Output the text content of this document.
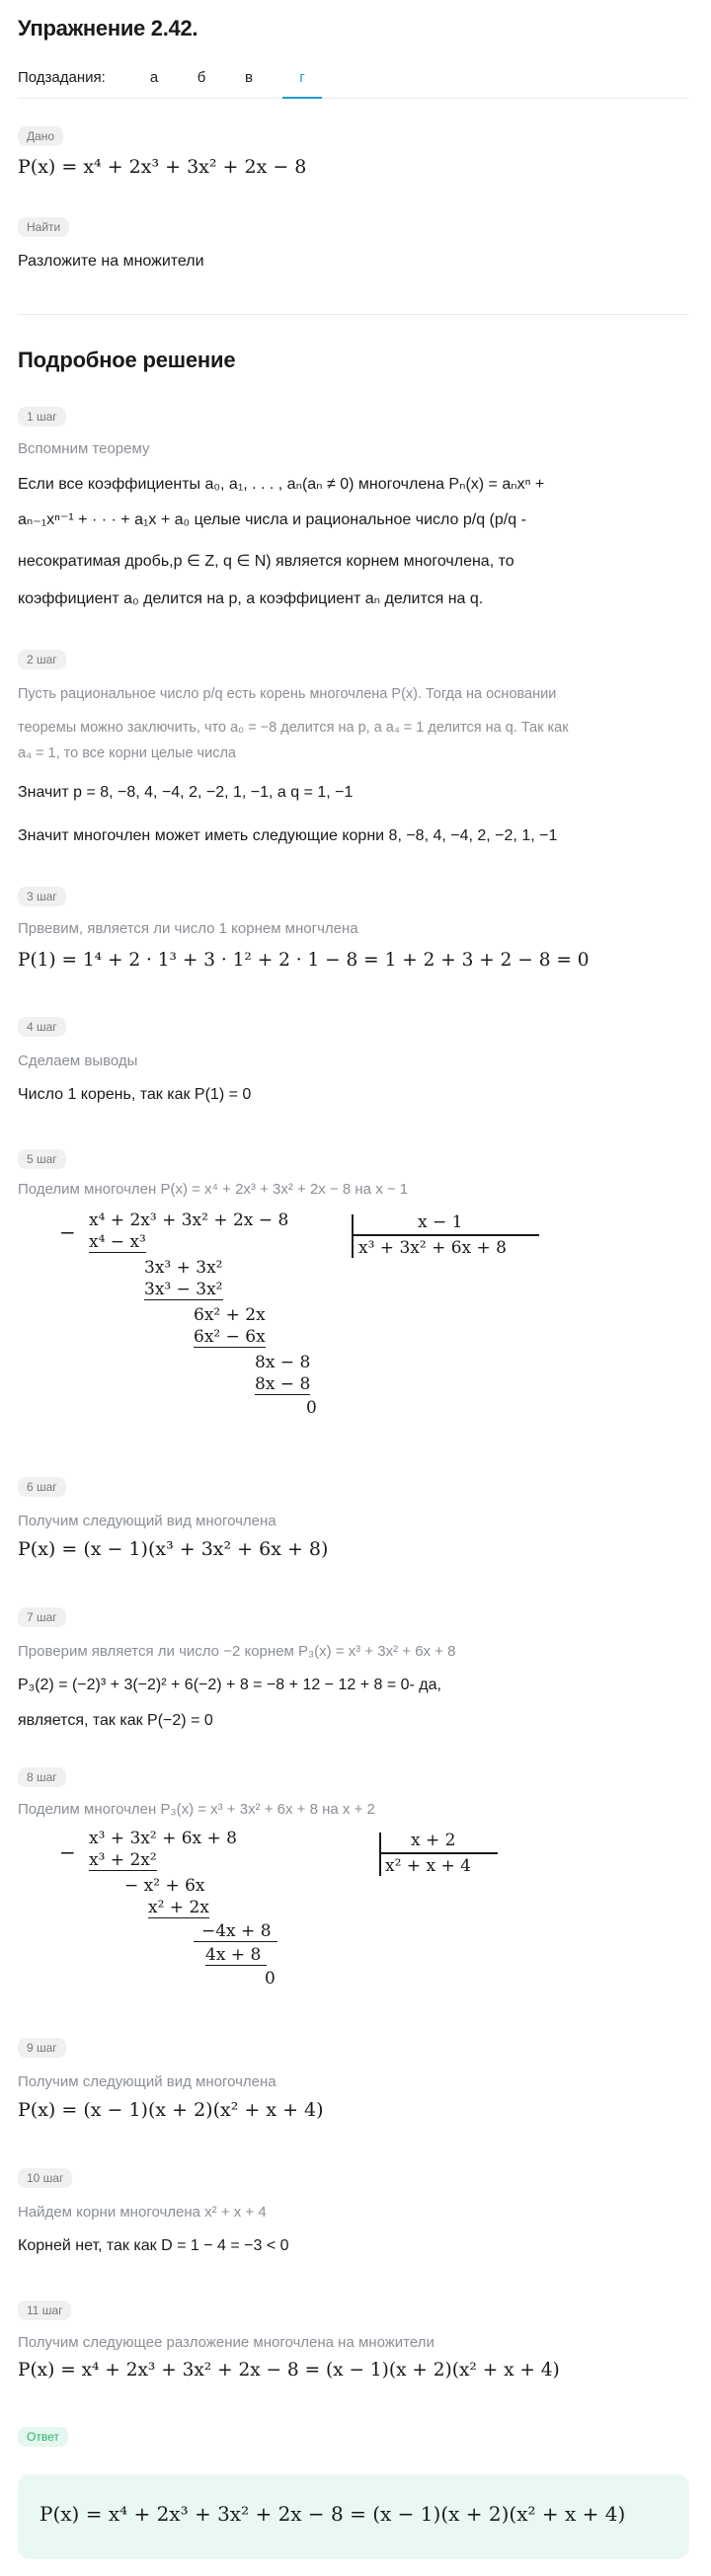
Упражнение 2.42.
Подзадания:	а	б	в	г
Дано
P(x) = x⁴ + 2x³ + 3x² + 2x − 8
Найти
Разложите на множители
Подробное решение
1 шаг
Вспомним теорему
Если все коэффициенты a₀, a₁, . . . , aₙ(aₙ ≠ 0) многочлена Pₙ(x) = aₙxⁿ +
aₙ₋₁xⁿ⁻¹ + · · · + a₁x + a₀ целые числа и рациональное число p/q (p/q -
несократимая дробь,p ∈ Z, q ∈ N) является корнем многочлена, то
коэффициент a₀ делится на p, а коэффициент aₙ делится на q.
2 шаг
Пусть рациональное число p/q есть корень многочлена P(x). Тогда на основании
теоремы можно заключить, что a₀ = −8 делится на p, а a₄ = 1 делится на q. Так как
a₄ = 1, то все корни целые числа
Значит p = 8, −8, 4, −4, 2, −2, 1, −1, а q = 1, −1
Значит многочлен может иметь следующие корни 8, −8, 4, −4, 2, −2, 1, −1
3 шаг
Првевим, является ли число 1 корнем многчлена
P(1) = 1⁴ + 2 · 1³ + 3 · 1² + 2 · 1 − 8 = 1 + 2 + 3 + 2 − 8 = 0
4 шаг
Сделаем выводы
Число 1 корень, так как P(1) = 0
5 шаг
Поделим многочлен P(x) = x⁴ + 2x³ + 3x² + 2x − 8 на x − 1
− x⁴ + 2x³ + 3x² + 2x − 8
x⁴ − x³
3x³ + 3x²
3x³ − 3x²
6x² + 2x
6x² − 6x
8x − 8
8x − 8
0
x − 1
x³ + 3x² + 6x + 8
6 шаг
Получим следующий вид многочлена
P(x) = (x − 1)(x³ + 3x² + 6x + 8)
7 шаг
Проверим является ли число −2 корнем P₃(x) = x³ + 3x² + 6x + 8
P₃(2) = (−2)³ + 3(−2)² + 6(−2) + 8 = −8 + 12 − 12 + 8 = 0- да,
является, так как P(−2) = 0
8 шаг
Поделим многочлен P₃(x) = x³ + 3x² + 6x + 8 на x + 2
−
x³ + 3x² + 6x + 8
x³ + 2x²
− x² + 6x
x² + 2x
−4x + 8
4x + 8
0
x + 2
x² + x + 4
9 шаг
Получим следующий вид многочлена
P(x) = (x − 1)(x + 2)(x² + x + 4)
10 шаг
Найдем корни многочлена x² + x + 4
Корней нет, так как D = 1 − 4 = −3 < 0
11 шаг
Получим следующее разложение многочлена на множители
P(x) = x⁴ + 2x³ + 3x² + 2x − 8 = (x − 1)(x + 2)(x² + x + 4)
Ответ
P(x) = x⁴ + 2x³ + 3x² + 2x − 8 = (x − 1)(x + 2)(x² + x + 4)
